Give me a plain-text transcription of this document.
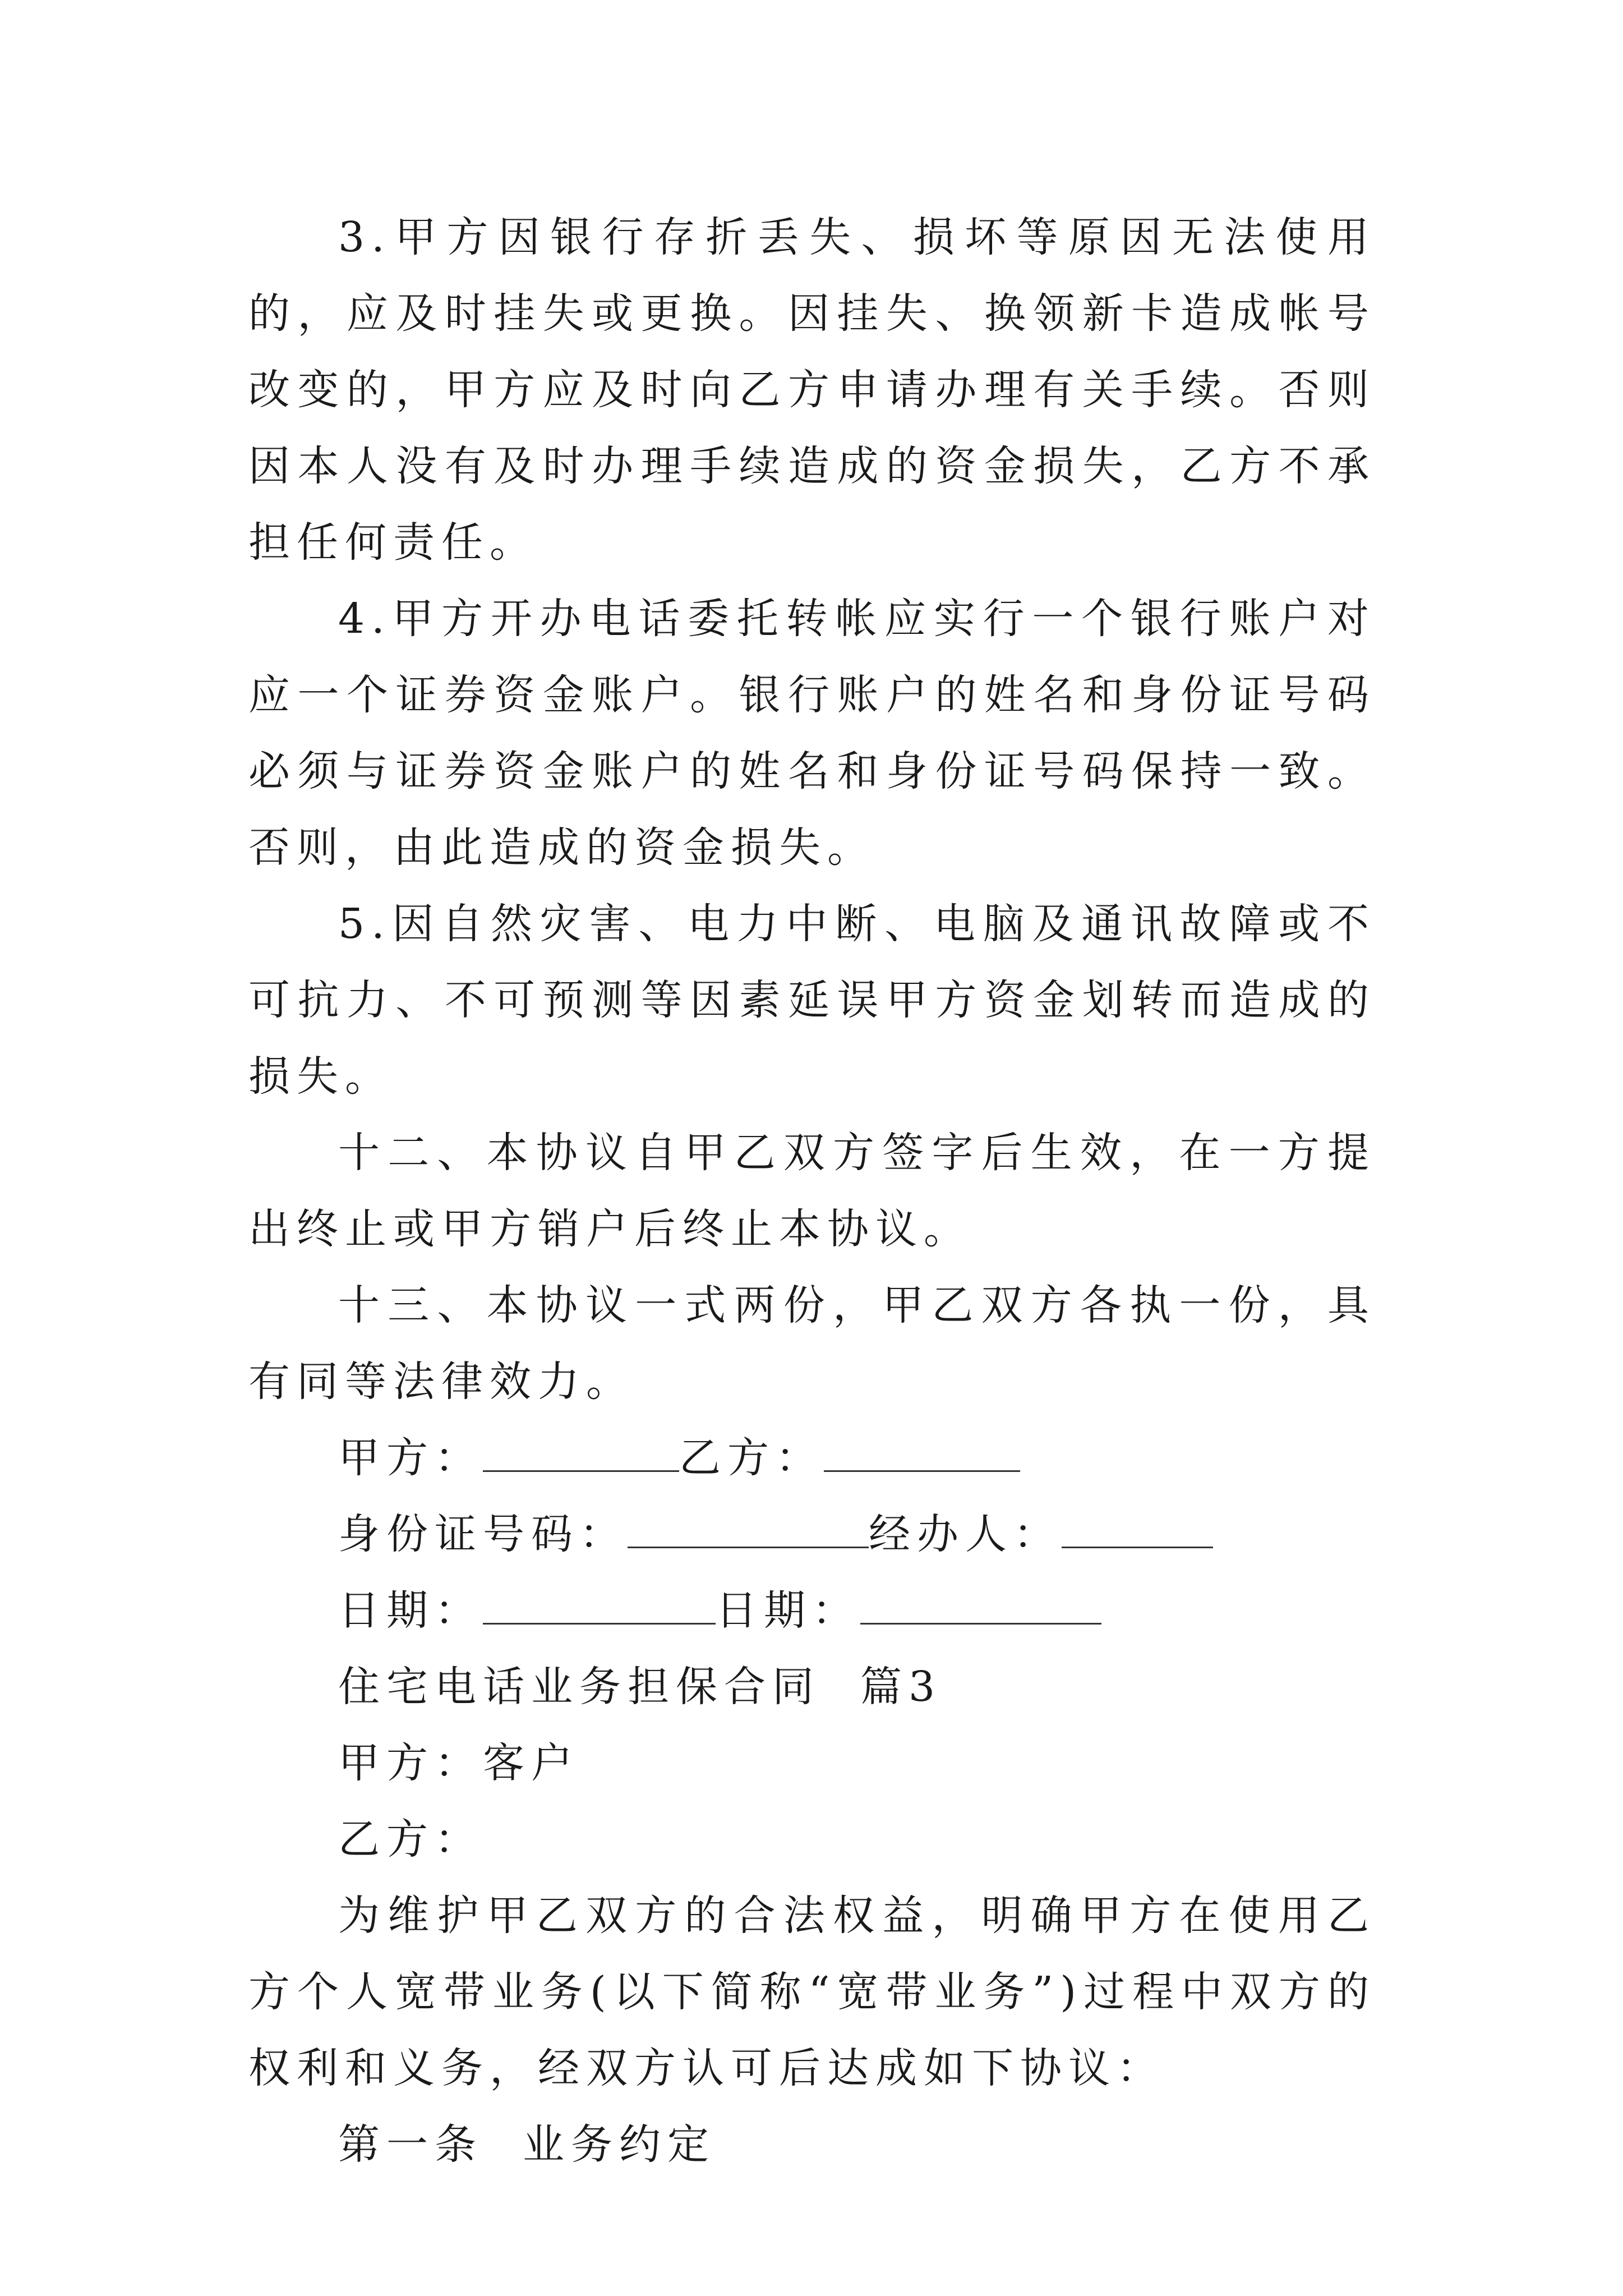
3.甲方因银行存折丢失、损坏等原因无法使用的，应及时挂失或更换。因挂失、换领新卡造成帐号改变的，甲方应及时向乙方申请办理有关手续。否则因本人没有及时办理手续造成的资金损失，乙方不承担任何责任。

4.甲方开办电话委托转帐应实行一个银行账户对应一个证券资金账户。银行账户的姓名和身份证号码必须与证券资金账户的姓名和身份证号码保持一致。否则，由此造成的资金损失。

5.因自然灾害、电力中断、电脑及通讯故障或不可抗力、不可预测等因素延误甲方资金划转而造成的损失。

十二、本协议自甲乙双方签字后生效，在一方提出终止或甲方销户后终止本协议。

十三、本协议一式两份，甲乙双方各执一份，具有同等法律效力。

甲方：	乙方：

身份证号码：	经办人：

日期：	日期：

住宅电话业务担保合同  篇3

甲方：客户

乙方：

为维护甲乙双方的合法权益，明确甲方在使用乙方个人宽带业务(以下简称“宽带业务”)过程中双方的权利和义务，经双方认可后达成如下协议：

第一条  业务约定
